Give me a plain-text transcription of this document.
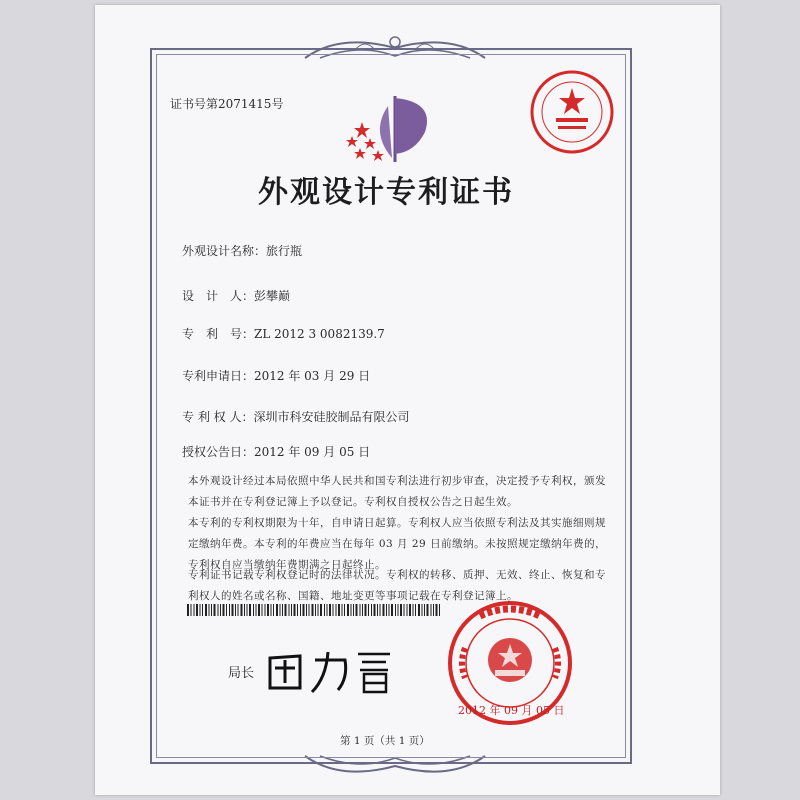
证书号第2071415号
外观设计专利证书
外观设计名称：旅行瓶
设　计　人：彭攀巅
专　利　号：ZL 2012 3 0082139.7
专利申请日：2012 年 03 月 29 日
专 利 权 人：深圳市科安硅胶制品有限公司
授权公告日：2012 年 09 月 05 日
本外观设计经过本局依照中华人民共和国专利法进行初步审查，决定授予专利权，颁发本证书并在专利登记簿上予以登记。专利权自授权公告之日起生效。
本专利的专利权期限为十年，自申请日起算。专利权人应当依照专利法及其实施细则规定缴纳年费。本专利的年费应当在每年 03 月 29 日前缴纳。未按照规定缴纳年费的，专利权自应当缴纳年费期满之日起终止。
专利证书记载专利权登记时的法律状况。专利权的转移、质押、无效、终止、恢复和专利权人的姓名或名称、国籍、地址变更等事项记载在专利登记簿上。
局长
2012 年 09 月 05 日
第 1 页（共 1 页）
